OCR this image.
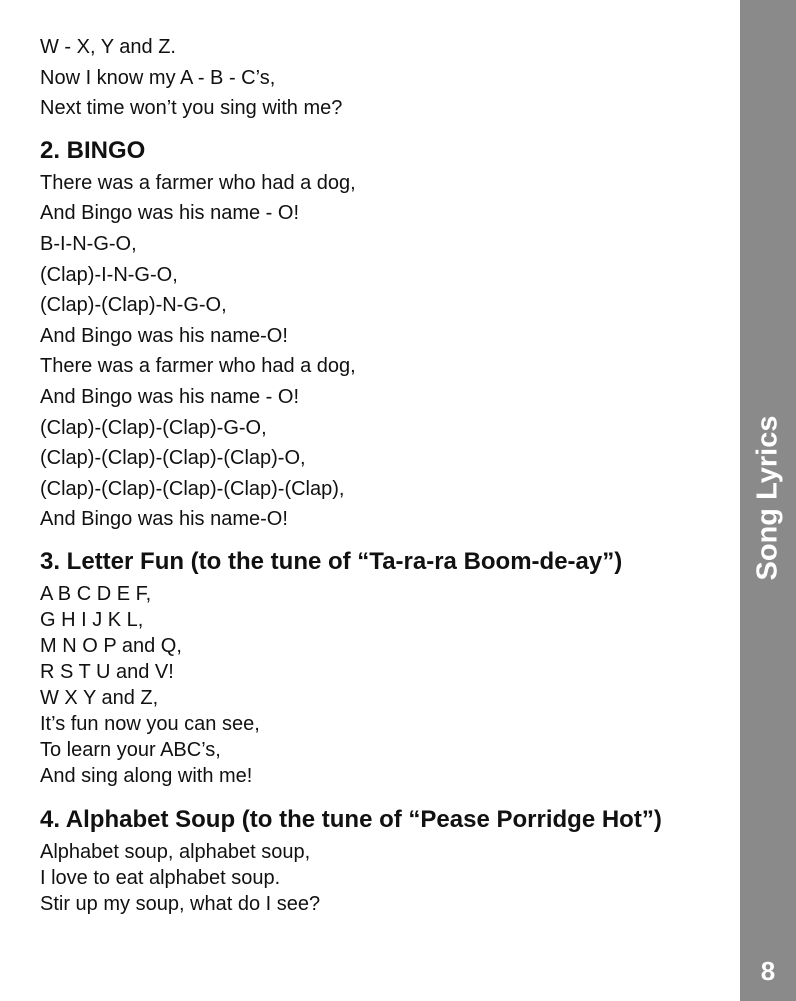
W - X, Y and Z.

Now I know my A - B - C’s,

Next time won’t you sing with me?

2. BINGO

There was a farmer who had a dog,

And Bingo was his name - O!

B-I-N-G-O,

(Clap)-I-N-G-O,

(Clap)-(Clap)-N-G-O,

And Bingo was his name-O!

There was a farmer who had a dog,

And Bingo was his name - O!

(Clap)-(Clap)-(Clap)-G-O,

(Clap)-(Clap)-(Clap)-(Clap)-O,

(Clap)-(Clap)-(Clap)-(Clap)-(Clap),

And Bingo was his name-O!

3. Letter Fun (to the tune of “Ta-ra-ra Boom-de-ay”)

A B C D E F,

G H I J K L,

M N O P and Q,

R S T U and V!

W X Y and Z,

It’s fun now you can see,

To learn your ABC’s,

And sing along with me!

4. Alphabet Soup (to the tune of “Pease Porridge Hot”)

Alphabet soup, alphabet soup,

I love to eat alphabet soup.

Stir up my soup, what do I see?

Song Lyrics
8
